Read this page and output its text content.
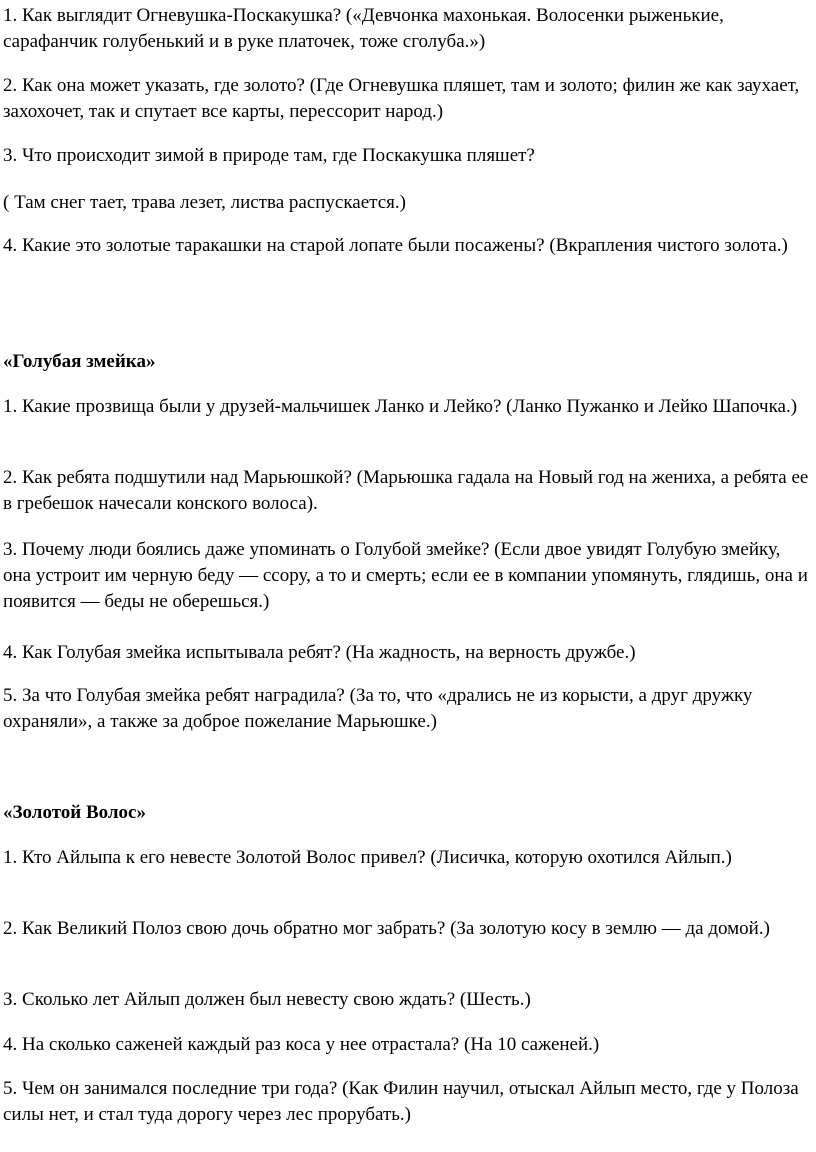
1. Как выглядит Огневушка-Поскакушка? («Девчонка махонькая. Волосенки рыженькие, сарафанчик голубенький и в руке платочек, тоже сголуба.»)

2. Как она может указать, где золото? (Где Огневушка пляшет, там и золото; филин же как заухает, захохочет, так и спутает все карты, перессорит народ.)

3. Что происходит зимой в природе там, где Поскакушка пляшет?

( Там снег тает, трава лезет, листва распускается.)

4. Какие это золотые таракашки на старой лопате были посажены? (Вкрапления чистого золота.)

«Голубая змейка»

1. Какие прозвища были у друзей-мальчишек Ланко и Лейко? (Ланко Пужанко и Лейко Шапочка.)

2. Как ребята подшутили над Марьюшкой? (Марьюшка гадала на Новый год на жениха, а ребята ее в гребешок начесали конского волоса).

3. Почему люди боялись даже упоминать о Голубой змейке? (Если двое увидят Голубую змейку, она устроит им черную беду — ссору, а то и смерть; если ее в компании упомянуть, глядишь, она и появится — беды не оберешься.)

4. Как Голубая змейка испытывала ребят? (На жадность, на верность дружбе.)

5. За что Голубая змейка ребят наградила? (За то, что «дрались не из корысти, а друг дружку охраняли», а также за доброе пожелание Марьюшке.)

«Золотой Волос»

1. Кто Айлыпа к его невесте Золотой Волос привел? (Лисичка, которую охотился Айлып.)

2. Как Великий Полоз свою дочь обратно мог забрать? (За золотую косу в землю — да домой.)

З. Сколько лет Айлып должен был невесту свою ждать? (Шесть.)

4. На сколько саженей каждый раз коса у нее отрастала? (На 10 саженей.)

5. Чем он занимался последние три года? (Как Филин научил, отыскал Айлып место, где у Полоза силы нет, и стал туда дорогу через лес прорубать.)
